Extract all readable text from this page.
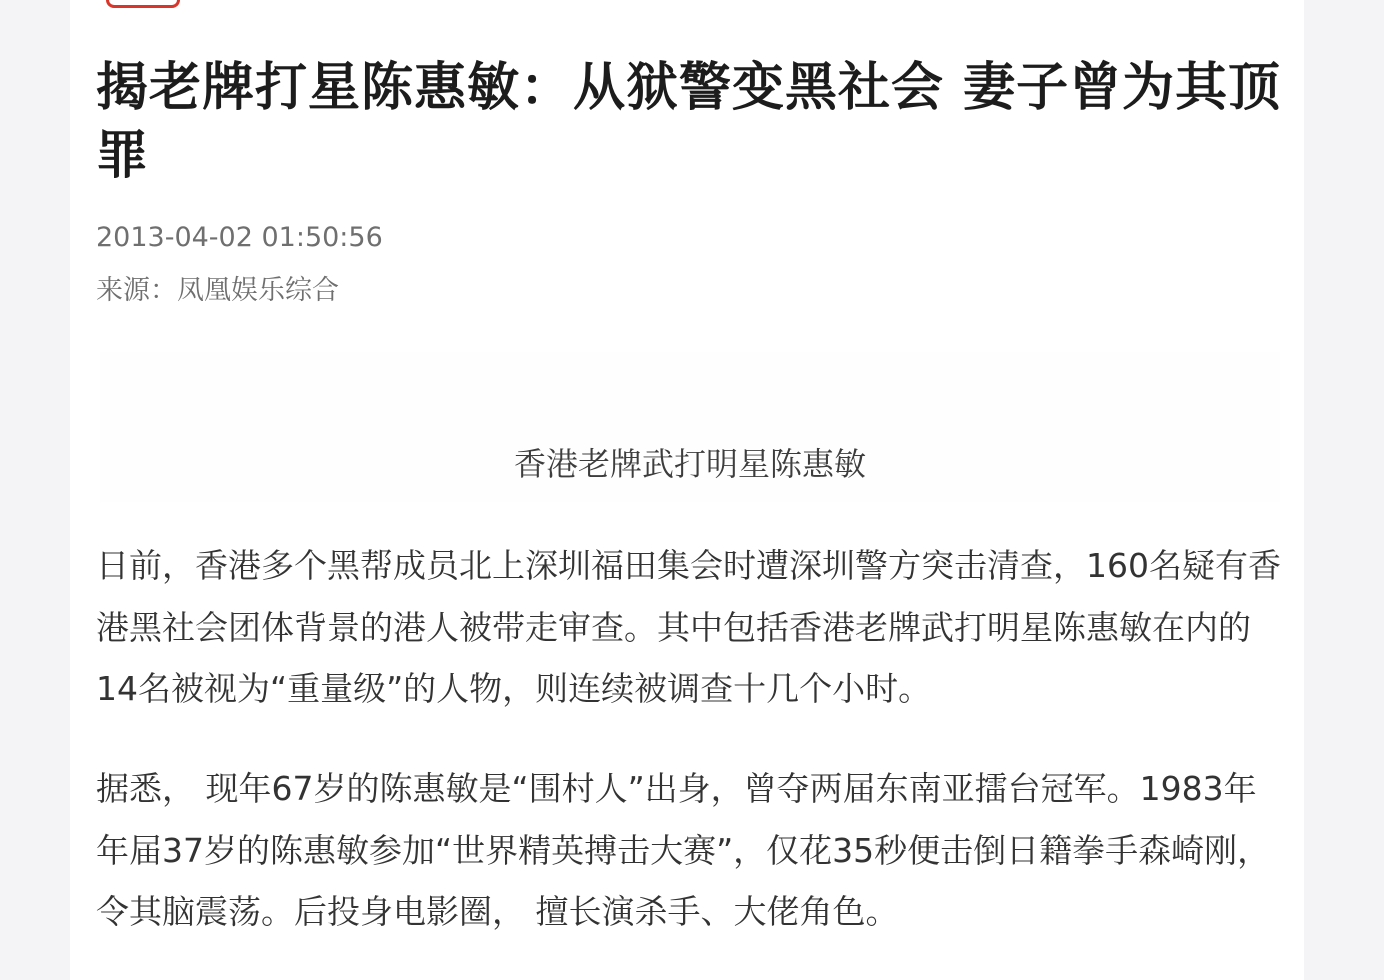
揭老牌打星陈惠敏：从狱警变黑社会 妻子曾为其顶罪
2013-04-02 01:50:56
来源：凤凰娱乐综合
香港老牌武打明星陈惠敏

日前，香港多个黑帮成员北上深圳福田集会时遭深圳警方突击清查，160名疑有香港黑社会团体背景的港人被带走审查。其中包括香港老牌武打明星陈惠敏在内的14名被视为“重量级”的人物，则连续被调查十几个小时。

据悉， 现年67岁的陈惠敏是“围村人”出身，曾夺两届东南亚擂台冠军。1983年年届37岁的陈惠敏参加“世界精英搏击大赛”，仅花35秒便击倒日籍拳手森崎刚，令其脑震荡。后投身电影圈， 擅长演杀手、大佬角色。
